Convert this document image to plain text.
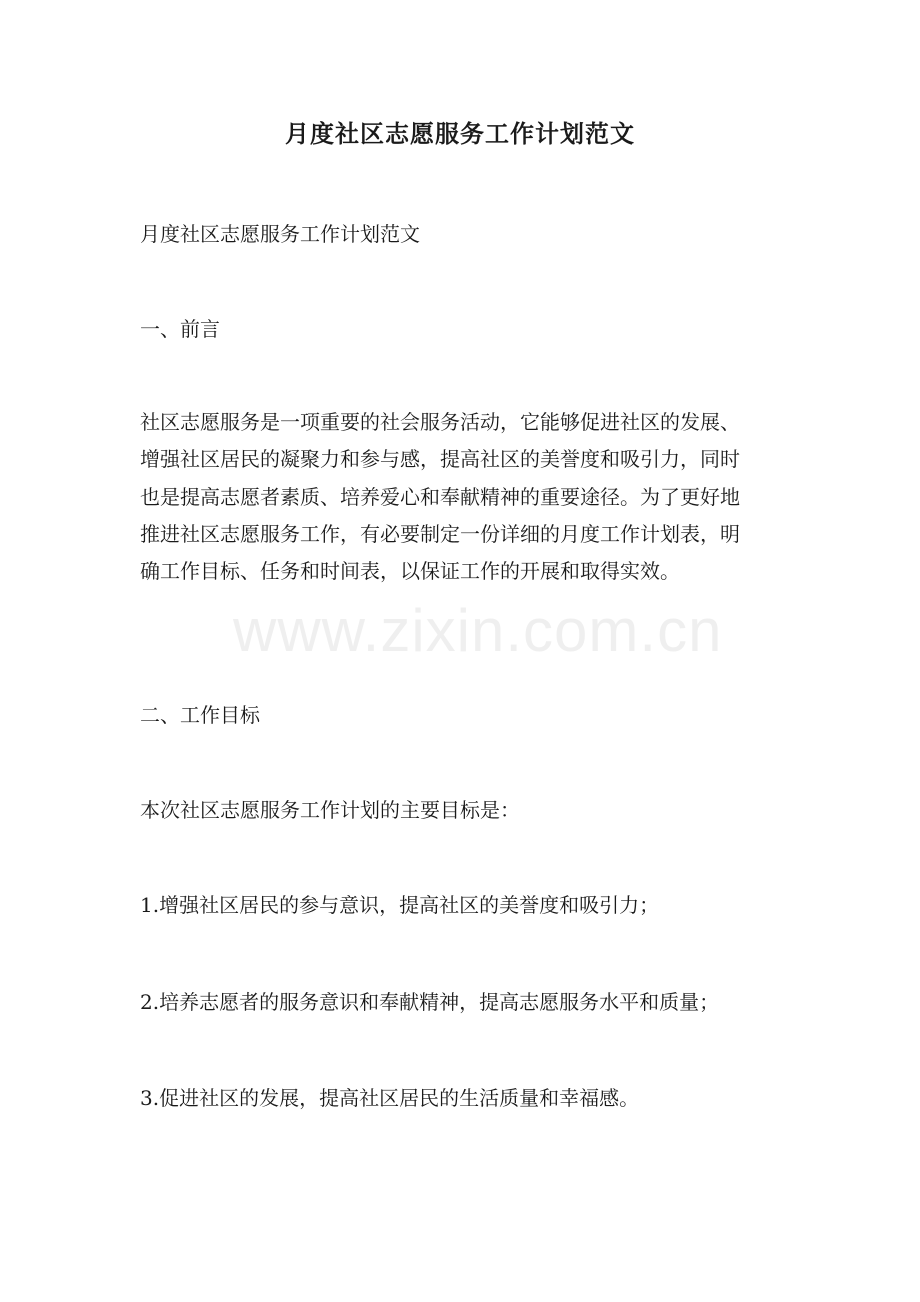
月度社区志愿服务工作计划范文

月度社区志愿服务工作计划范文

一、前言

社区志愿服务是一项重要的社会服务活动，它能够促进社区的发展、
增强社区居民的凝聚力和参与感，提高社区的美誉度和吸引力，同时
也是提高志愿者素质、培养爱心和奉献精神的重要途径。为了更好地
推进社区志愿服务工作，有必要制定一份详细的月度工作计划表，明
确工作目标、任务和时间表，以保证工作的开展和取得实效。

二、工作目标

本次社区志愿服务工作计划的主要目标是：

1.增强社区居民的参与意识，提高社区的美誉度和吸引力；

2.培养志愿者的服务意识和奉献精神，提高志愿服务水平和质量；

3.促进社区的发展，提高社区居民的生活质量和幸福感。

www.zixin.com.cn
